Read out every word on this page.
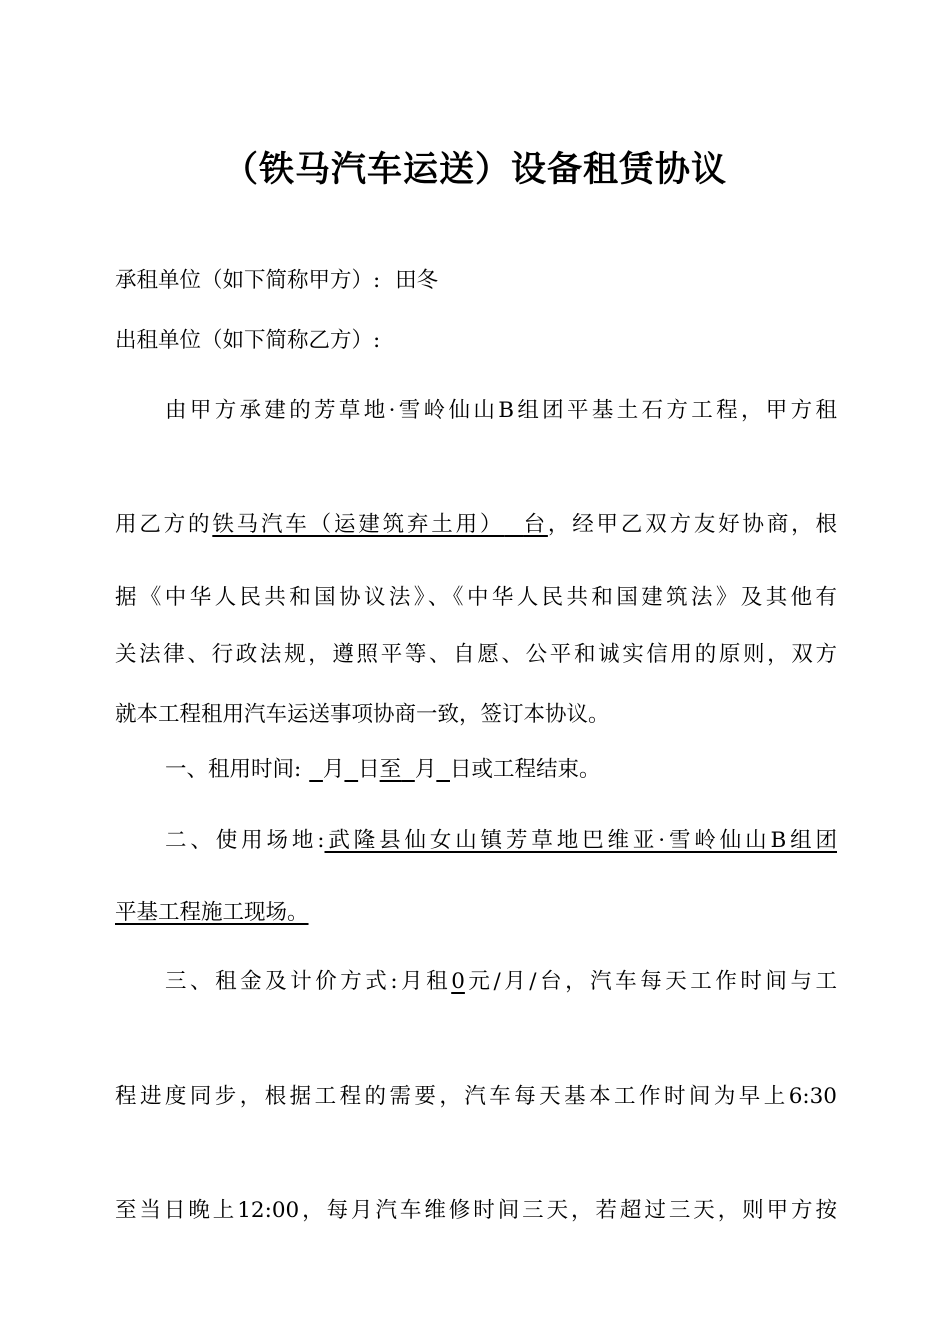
（铁马汽车运送）设备租赁协议
承租单位（如下简称甲方）: 田冬
出租单位（如下简称乙方）:
由甲方承建的芳草地·雪岭仙山B组团平基土石方工程，甲方租
用乙方的铁马汽车（运建筑弃土用） 台，经甲乙双方友好协商，根
据《中华人民共和国协议法》、《中华人民共和国建筑法》及其他有
关法律、行政法规，遵照平等、自愿、公平和诚实信用的原则，双方
就本工程租用汽车运送事项协商一致，签订本协议。
一、租用时间: 月 日至 月 日或工程结束。
二、使用场地:武隆县仙女山镇芳草地巴维亚·雪岭仙山B组团
平基工程施工现场。
三、租金及计价方式:月租0元/月/台，汽车每天工作时间与工
程进度同步，根据工程的需要，汽车每天基本工作时间为早上6:30
至当日晚上12:00，每月汽车维修时间三天，若超过三天，则甲方按
